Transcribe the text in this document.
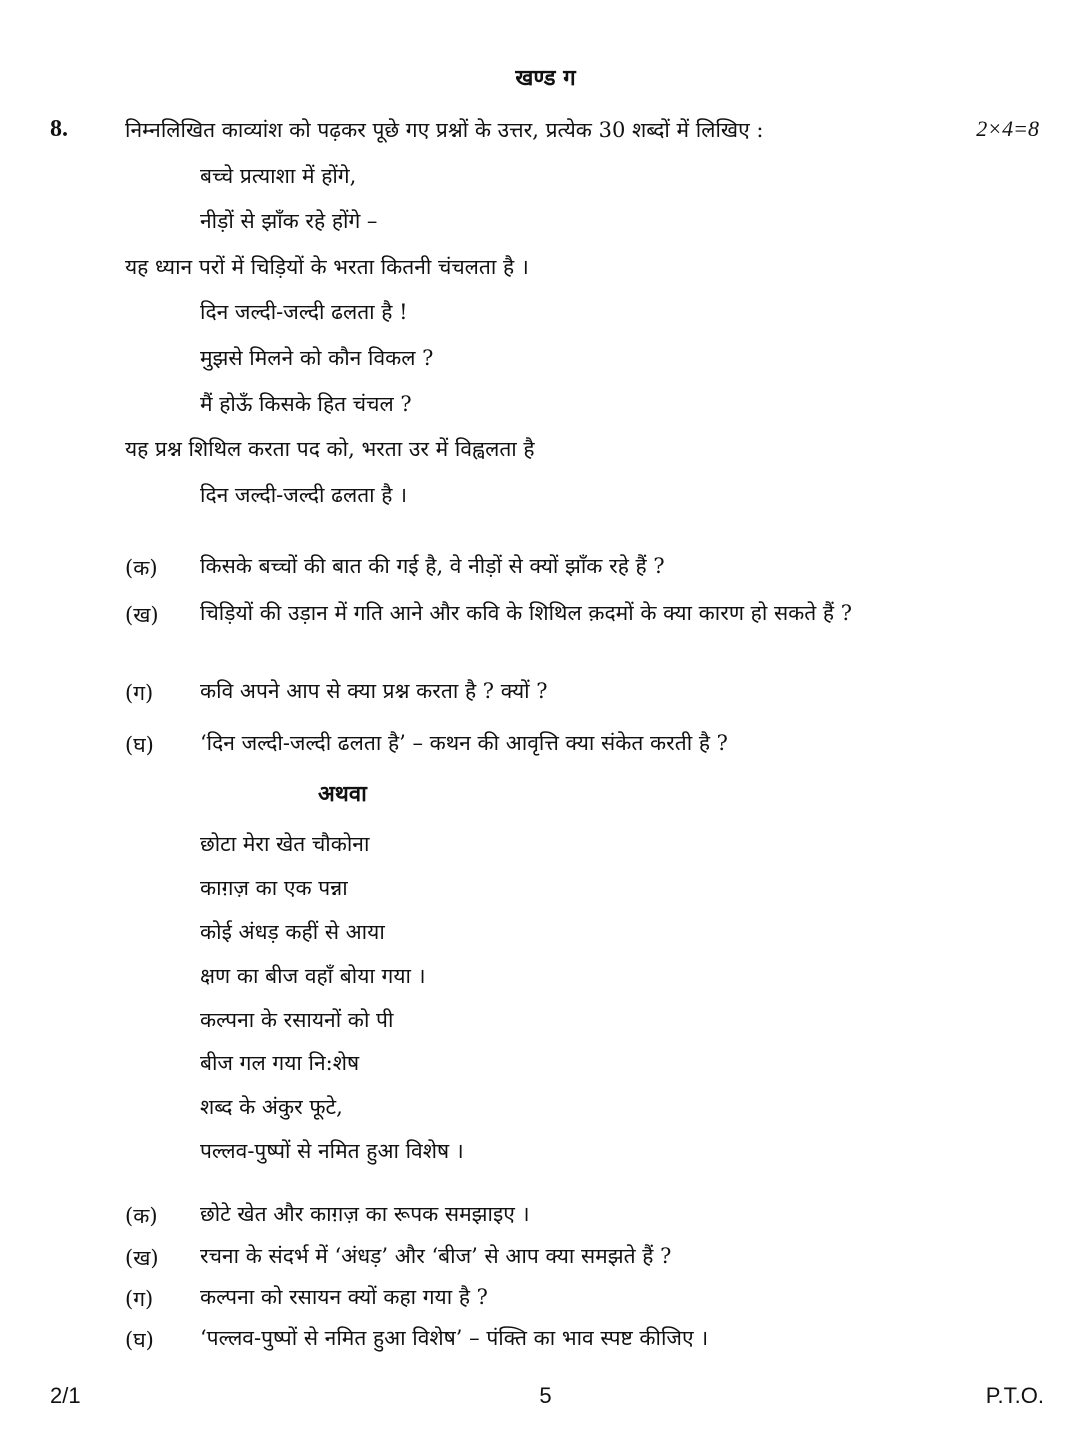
खण्ड ग
8.	निम्नलिखित काव्यांश को पढ़कर पूछे गए प्रश्नों के उत्तर, प्रत्येक 30 शब्दों में लिखिए :	2×4=8
बच्चे प्रत्याशा में होंगे,
नीड़ों से झाँक रहे होंगे –
यह ध्यान परों में चिड़ियों के भरता कितनी चंचलता है ।
दिन जल्दी-जल्दी ढलता है !
मुझसे मिलने को कौन विकल ?
मैं होऊँ किसके हित चंचल ?
यह प्रश्न शिथिल करता पद को, भरता उर में विह्वलता है
दिन जल्दी-जल्दी ढलता है ।
(क) किसके बच्चों की बात की गई है, वे नीड़ों से क्यों झाँक रहे हैं ?
(ख) चिड़ियों की उड़ान में गति आने और कवि के शिथिल क़दमों के क्या कारण हो सकते हैं ?
(ग) कवि अपने आप से क्या प्रश्न करता है ? क्यों ?
(घ) ‘दिन जल्दी-जल्दी ढलता है’ – कथन की आवृत्ति क्या संकेत करती है ?
अथवा
छोटा मेरा खेत चौकोना
काग़ज़ का एक पन्ना
कोई अंधड़ कहीं से आया
क्षण का बीज वहाँ बोया गया ।
कल्पना के रसायनों को पी
बीज गल गया नि:शेष
शब्द के अंकुर फूटे,
पल्लव-पुष्पों से नमित हुआ विशेष ।
(क) छोटे खेत और काग़ज़ का रूपक समझाइए ।
(ख) रचना के संदर्भ में ‘अंधड़’ और ‘बीज’ से आप क्या समझते हैं ?
(ग) कल्पना को रसायन क्यों कहा गया है ?
(घ) ‘पल्लव-पुष्पों से नमित हुआ विशेष’ – पंक्ति का भाव स्पष्ट कीजिए ।
2/1	5	P.T.O.
